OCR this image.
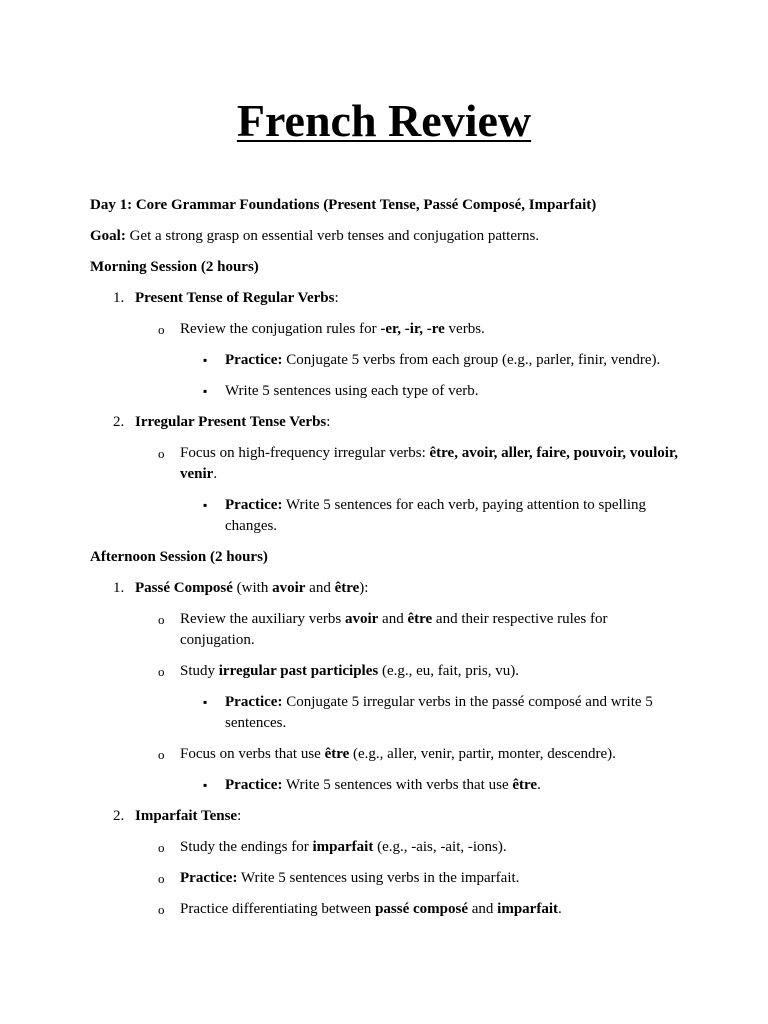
French Review

Day 1: Core Grammar Foundations (Present Tense, Passé Composé, Imparfait)

Goal: Get a strong grasp on essential verb tenses and conjugation patterns.

Morning Session (2 hours)

1. Present Tense of Regular Verbs:
o Review the conjugation rules for -er, -ir, -re verbs.
▪ Practice: Conjugate 5 verbs from each group (e.g., parler, finir, vendre).
▪ Write 5 sentences using each type of verb.
2. Irregular Present Tense Verbs:
o Focus on high-frequency irregular verbs: être, avoir, aller, faire, pouvoir, vouloir, venir.
▪ Practice: Write 5 sentences for each verb, paying attention to spelling changes.

Afternoon Session (2 hours)

1. Passé Composé (with avoir and être):
o Review the auxiliary verbs avoir and être and their respective rules for conjugation.
o Study irregular past participles (e.g., eu, fait, pris, vu).
▪ Practice: Conjugate 5 irregular verbs in the passé composé and write 5 sentences.
o Focus on verbs that use être (e.g., aller, venir, partir, monter, descendre).
▪ Practice: Write 5 sentences with verbs that use être.
2. Imparfait Tense:
o Study the endings for imparfait (e.g., -ais, -ait, -ions).
o Practice: Write 5 sentences using verbs in the imparfait.
o Practice differentiating between passé composé and imparfait.
